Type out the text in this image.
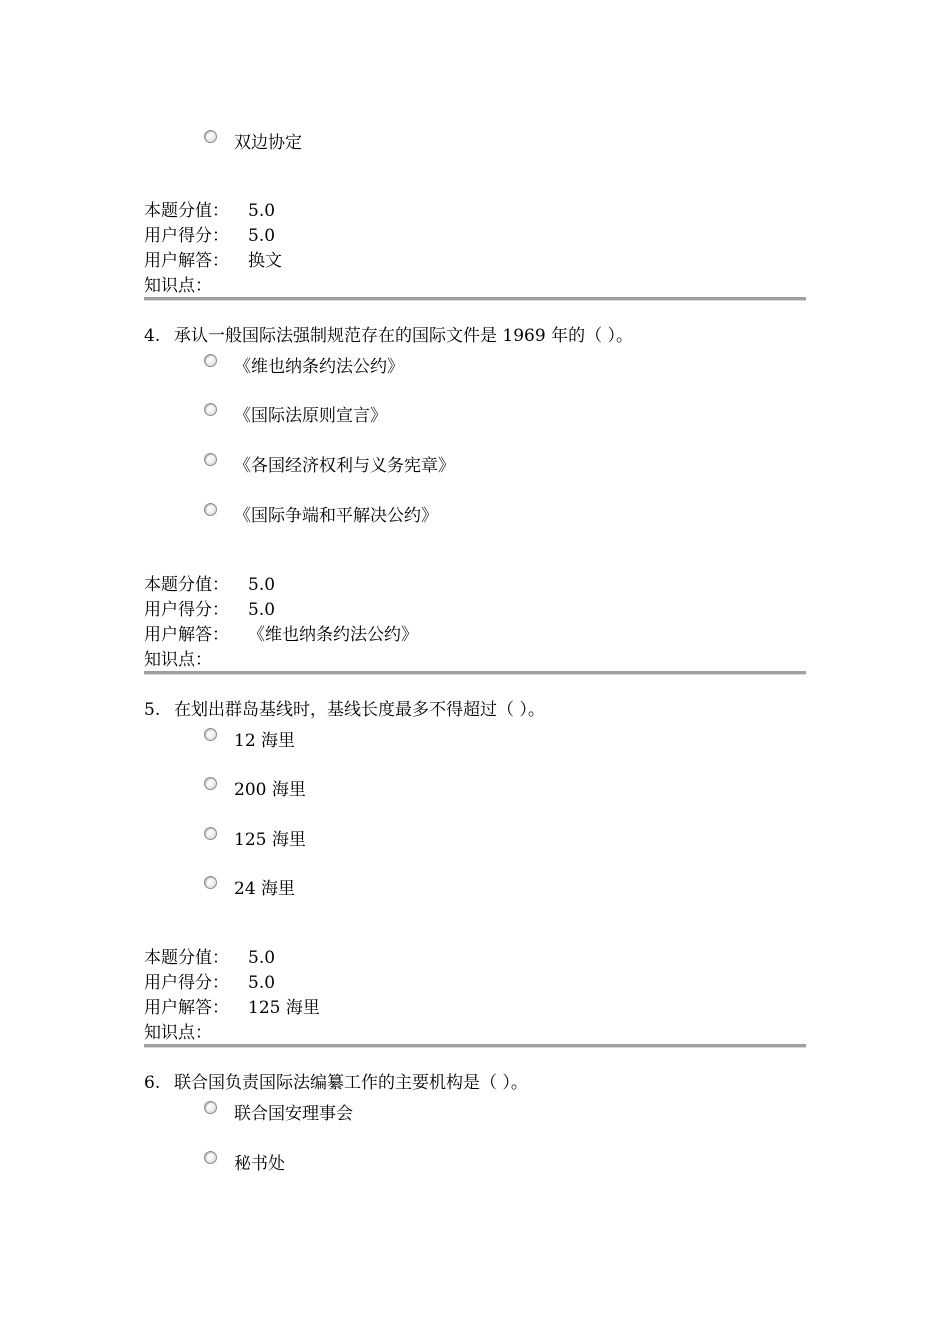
双边协定
本题分值： 5.0
用户得分： 5.0
用户解答： 换文
知识点：
4. 承认一般国际法强制规范存在的国际文件是 1969 年的（ ）。
《维也纳条约法公约》
《国际法原则宣言》
《各国经济权利与义务宪章》
《国际争端和平解决公约》
本题分值： 5.0
用户得分： 5.0
用户解答： 《维也纳条约法公约》
知识点：
5. 在划出群岛基线时，基线长度最多不得超过（ ）。
12 海里
200 海里
125 海里
24 海里
本题分值： 5.0
用户得分： 5.0
用户解答： 125 海里
知识点：
6. 联合国负责国际法编纂工作的主要机构是（ ）。
联合国安理事会
秘书处
